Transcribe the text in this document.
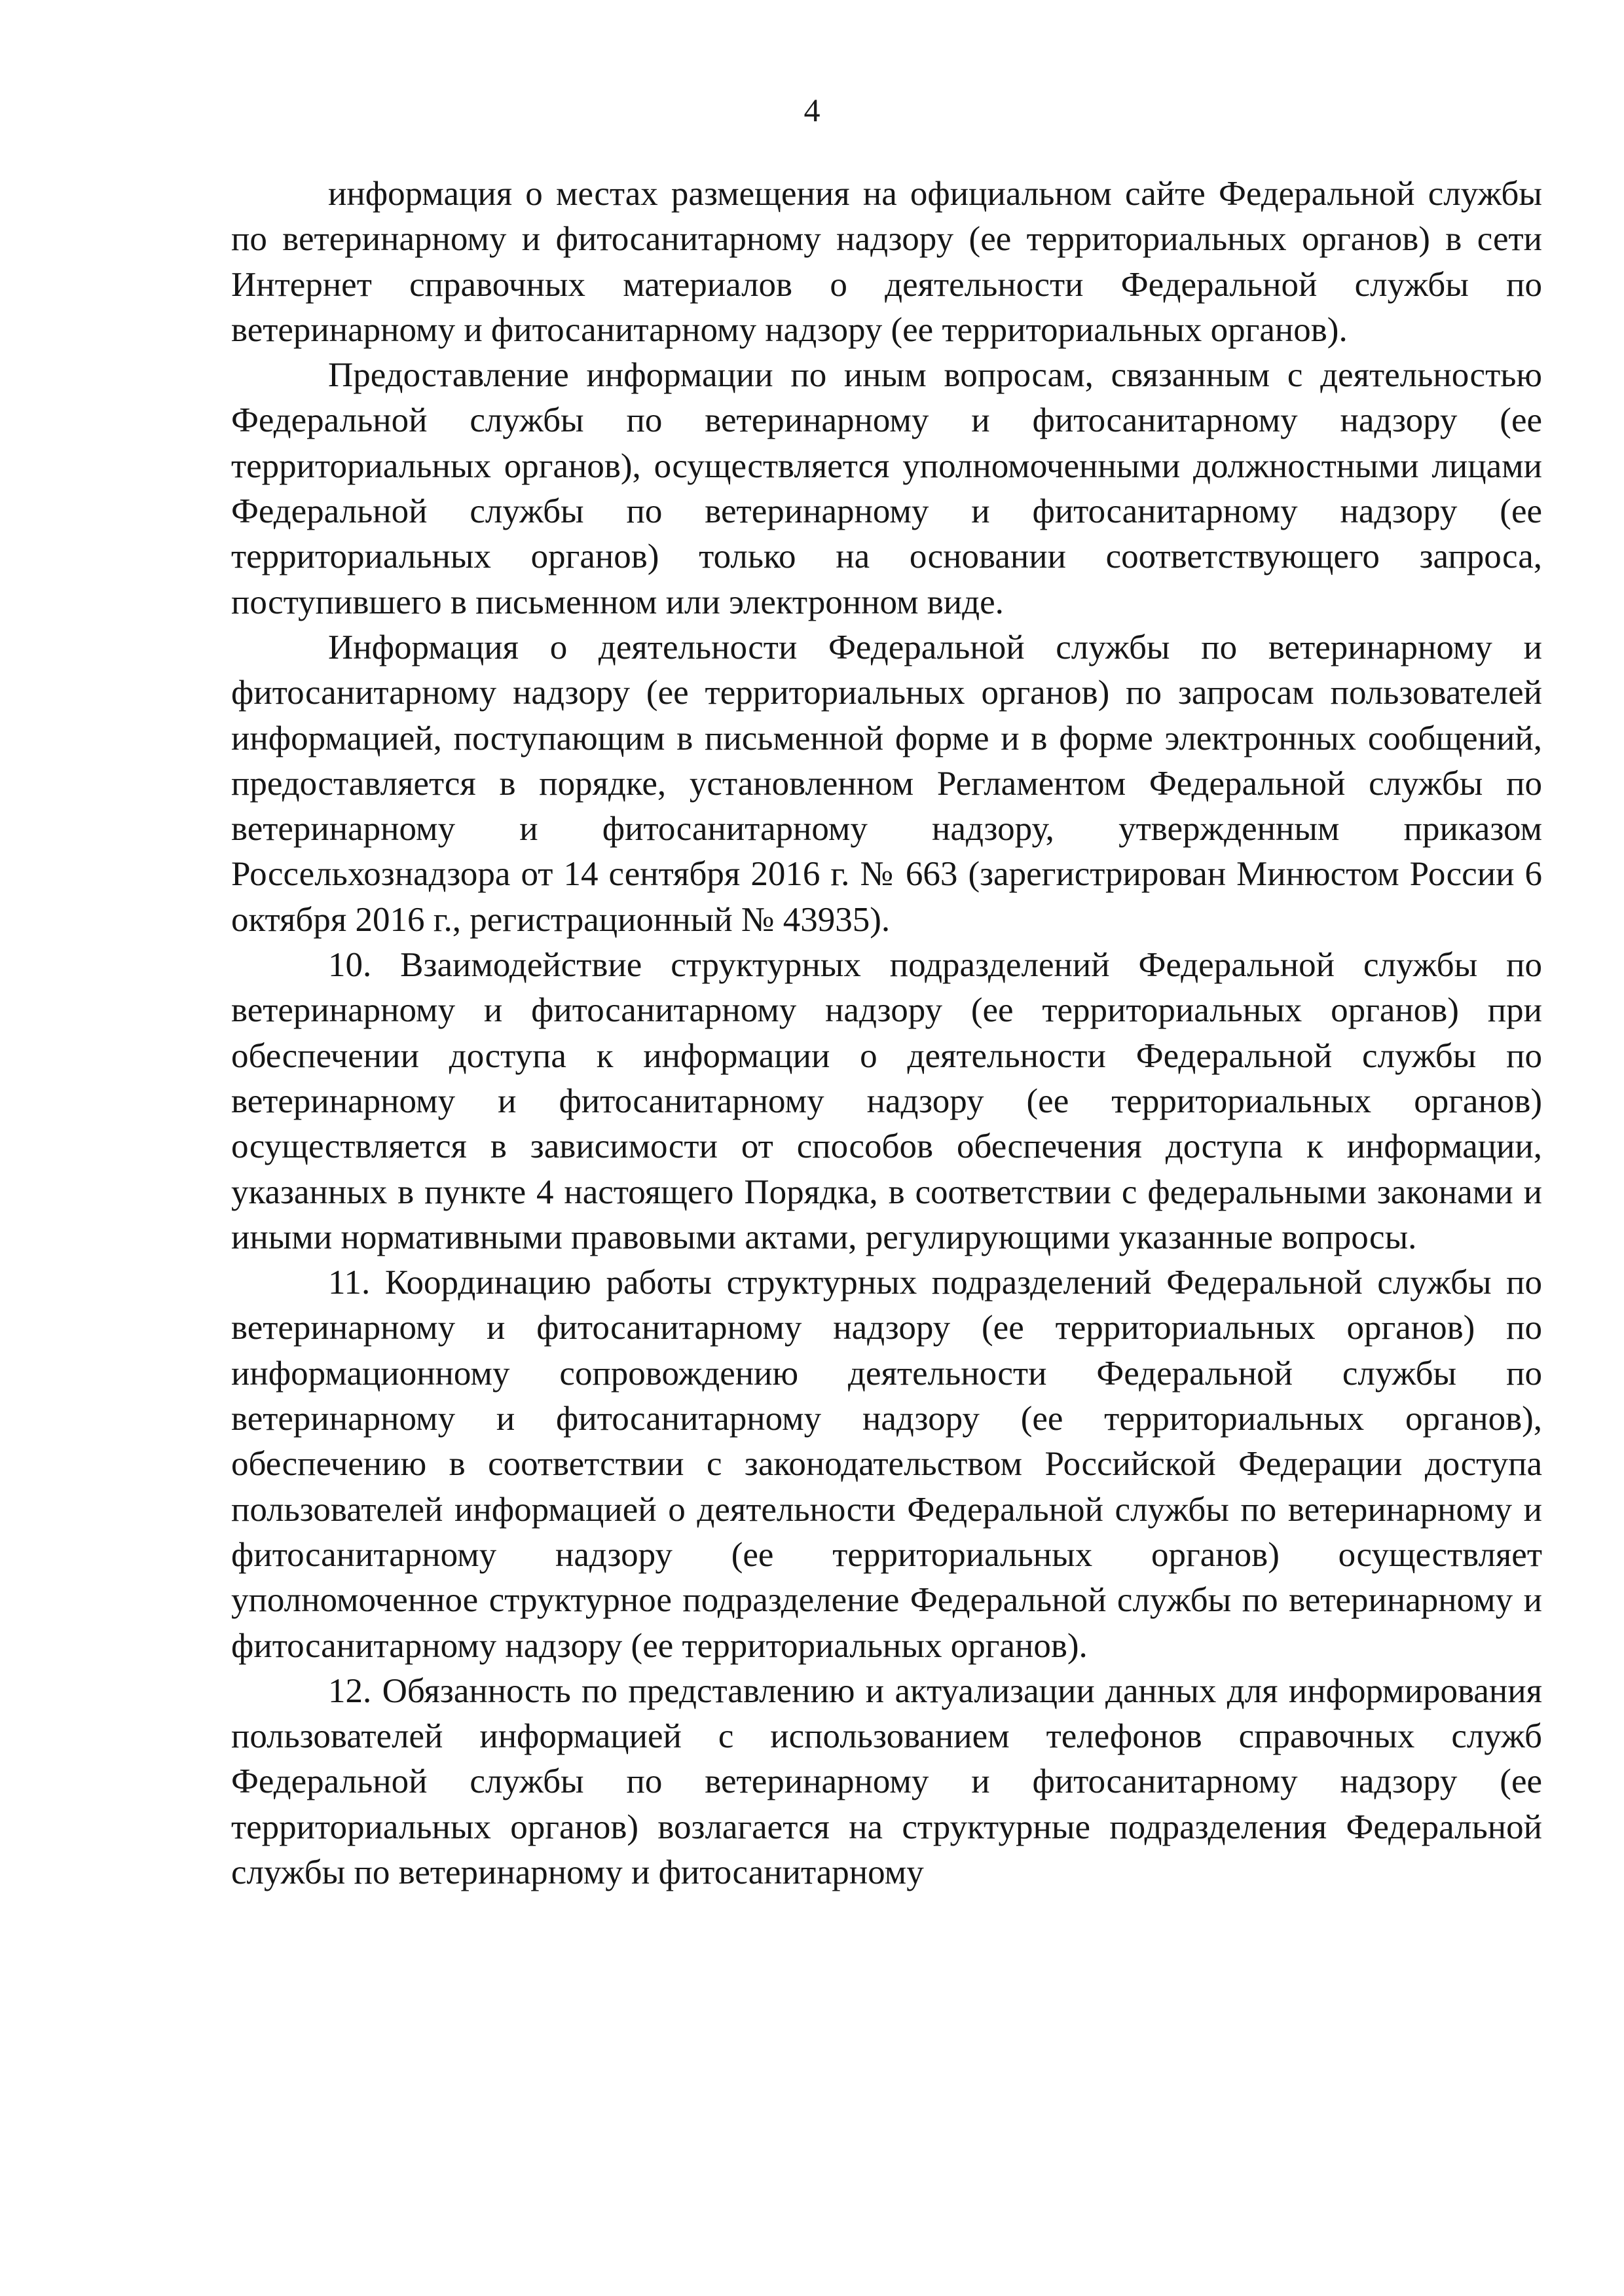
4

информация о местах размещения на официальном сайте Федеральной службы по ветеринарному и фитосанитарному надзору (ее территориальных органов) в сети Интернет справочных материалов о деятельности Федеральной службы по ветеринарному и фитосанитарному надзору (ее территориальных органов).

Предоставление информации по иным вопросам, связанным с деятельностью Федеральной службы по ветеринарному и фитосанитарному надзору (ее территориальных органов), осуществляется уполномоченными должностными лицами Федеральной службы по ветеринарному и фитосанитарному надзору (ее территориальных органов) только на основании соответствующего запроса, поступившего в письменном или электронном виде.

Информация о деятельности Федеральной службы по ветеринарному и фитосанитарному надзору (ее территориальных органов) по запросам пользователей информацией, поступающим в письменной форме и в форме электронных сообщений, предоставляется в порядке, установленном Регламентом Федеральной службы по ветеринарному и фитосанитарному надзору, утвержденным приказом Россельхознадзора от 14 сентября 2016 г. № 663 (зарегистрирован Минюстом России 6 октября 2016 г., регистрационный № 43935).

10. Взаимодействие структурных подразделений Федеральной службы по ветеринарному и фитосанитарному надзору (ее территориальных органов) при обеспечении доступа к информации о деятельности Федеральной службы по ветеринарному и фитосанитарному надзору (ее территориальных органов) осуществляется в зависимости от способов обеспечения доступа к информации, указанных в пункте 4 настоящего Порядка, в соответствии с федеральными законами и иными нормативными правовыми актами, регулирующими указанные вопросы.

11. Координацию работы структурных подразделений Федеральной службы по ветеринарному и фитосанитарному надзору (ее территориальных органов) по информационному сопровождению деятельности Федеральной службы по ветеринарному и фитосанитарному надзору (ее территориальных органов), обеспечению в соответствии с законодательством Российской Федерации доступа пользователей информацией о деятельности Федеральной службы по ветеринарному и фитосанитарному надзору (ее территориальных органов) осуществляет уполномоченное структурное подразделение Федеральной службы по ветеринарному и фитосанитарному надзору (ее территориальных органов).

12. Обязанность по представлению и актуализации данных для информирования пользователей информацией с использованием телефонов справочных служб Федеральной службы по ветеринарному и фитосанитарному надзору (ее территориальных органов) возлагается на структурные подразделения Федеральной службы по ветеринарному и фитосанитарному
